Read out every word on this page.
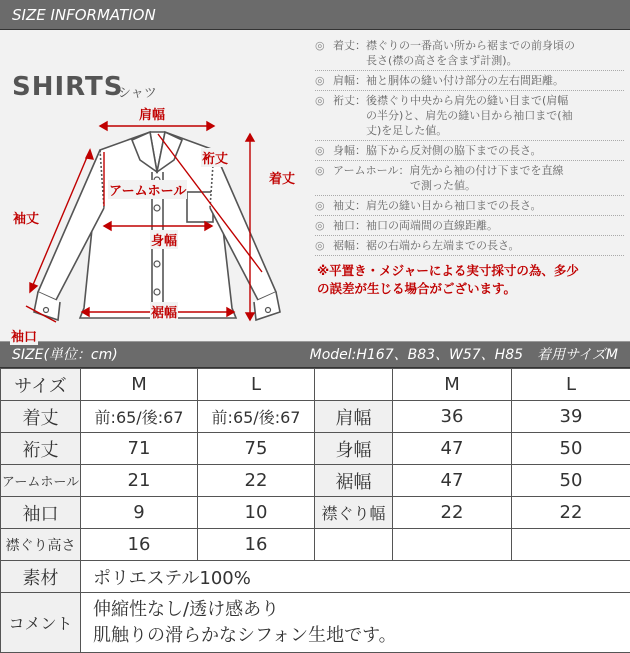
SIZE INFORMATION
SHIRTS
シャツ
肩幅
裄丈
着丈
アームホール
袖丈
身幅
裾幅
袖口
◎ 着丈：襟ぐりの一番高い所から裾までの前身頃の
　　　長さ(襟の高さを含まず計測)。
◎ 肩幅：袖と胴体の縫い付け部分の左右間距離。
◎ 裄丈：後襟ぐり中央から肩先の縫い目まで(肩幅
　　　の半分)と、肩先の縫い目から袖口まで(袖
　　　丈)を足した値。
◎ 身幅：脇下から反対側の脇下までの長さ。
◎ アームホール：肩先から袖の付け下までを直線
　　　　　　　で測った値。
◎ 袖丈：肩先の縫い目から袖口までの長さ。
◎ 袖口：袖口の両端間の直線距離。
◎ 裾幅：裾の右端から左端までの長さ。
※平置き・メジャーによる実寸採寸の為、多少
の誤差が生じる場合がございます。
SIZE(単位：cm)	Model:H167、B83、W57、H85　着用サイズM
サイズ	M	L		M	L
着丈	前:65/後:67	前:65/後:67	肩幅	36	39
裄丈	71	75	身幅	47	50
アームホール	21	22	裾幅	47	50
袖口	9	10	襟ぐり幅	22	22
襟ぐり高さ	16	16			
素材	ポリエステル100%				
コメント	伸縮性なし/透け感あり
肌触りの滑らかなシフォン生地です。				
